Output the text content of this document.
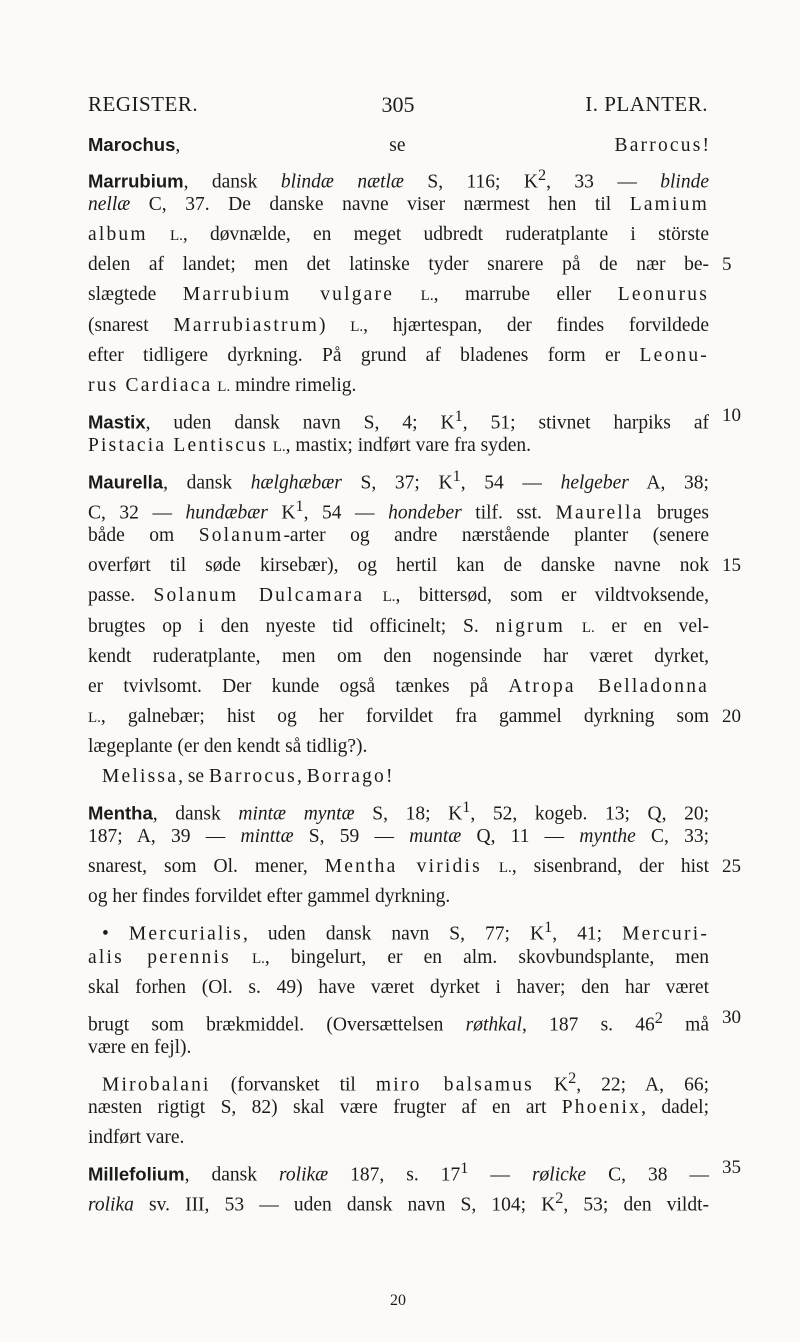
REGISTER.	305	I. PLANTER.
Marochus, se Barrocus!
Marrubium, dansk blindæ nætlæ S, 116; $K^2$, 33 — blinde
nellæ C, 37. De danske navne viser nærmest hen til Lamium
album L., døvnælde, en meget udbredt ruderatplante i störste
delen af landet; men det latinske tyder snarere på de nær be- 5
slægtede Marrubium vulgare L., marrube eller Leonurus
(snarest Marrubiastrum) L., hjærtespan, der findes forvildede
efter tidligere dyrkning. På grund af bladenes form er Leonu-
rus Cardiaca L. mindre rimelig.
Mastix, uden dansk navn S, 4; $K^1$, 51; stivnet harpiks af 10
Pistacia Lentiscus L., mastix; indført vare fra syden.
Maurella, dansk hælghæbær S, 37; $K^1$, 54 — helgeber A, 38;
C, 32 — hundæbær $K^1$, 54 — hondeber tilf. sst. Maurella bruges
både om Solanum-arter og andre nærstående planter (senere
overført til søde kirsebær), og hertil kan de danske navne nok 15
passe. Solanum Dulcamara L., bittersød, som er vildtvoksende,
brugtes op i den nyeste tid officinelt; S. nigrum L. er en vel-
kendt ruderatplante, men om den nogensinde har været dyrket,
er tvivlsomt. Der kunde også tænkes på Atropa Belladonna
L., galnebær; hist og her forvildet fra gammel dyrkning som 20
lægeplante (er den kendt så tidlig?).
Melissa, se Barrocus, Borrago!
Mentha, dansk mintæ myntæ S, 18; $K^1$, 52, kogeb. 13; Q, 20;
187; A, 39 — minttæ S, 59 — muntæ Q, 11 — mynthe C, 33;
snarest, som Ol. mener, Mentha viridis L., sisenbrand, der hist 25
og her findes forvildet efter gammel dyrkning.
• Mercurialis, uden dansk navn S, 77; $K^1$, 41; Mercuri-
alis perennis L., bingelurt, er en alm. skovbundsplante, men
skal forhen (Ol. s. 49) have været dyrket i haver; den har været
brugt som brækmiddel. (Oversættelsen røthkal, 187 s. $46^2$ må 30
være en fejl).
Mirobalani (forvansket til miro balsamus $K^2$, 22; A, 66;
næsten rigtigt S, 82) skal være frugter af en art Phoenix, dadel;
indført vare.
Millefolium, dansk rolikæ 187, s. $17^1$ — rølicke C, 38 — 35
rolika sv. III, 53 — uden dansk navn S, 104; $K^2$, 53; den vildt-
20
